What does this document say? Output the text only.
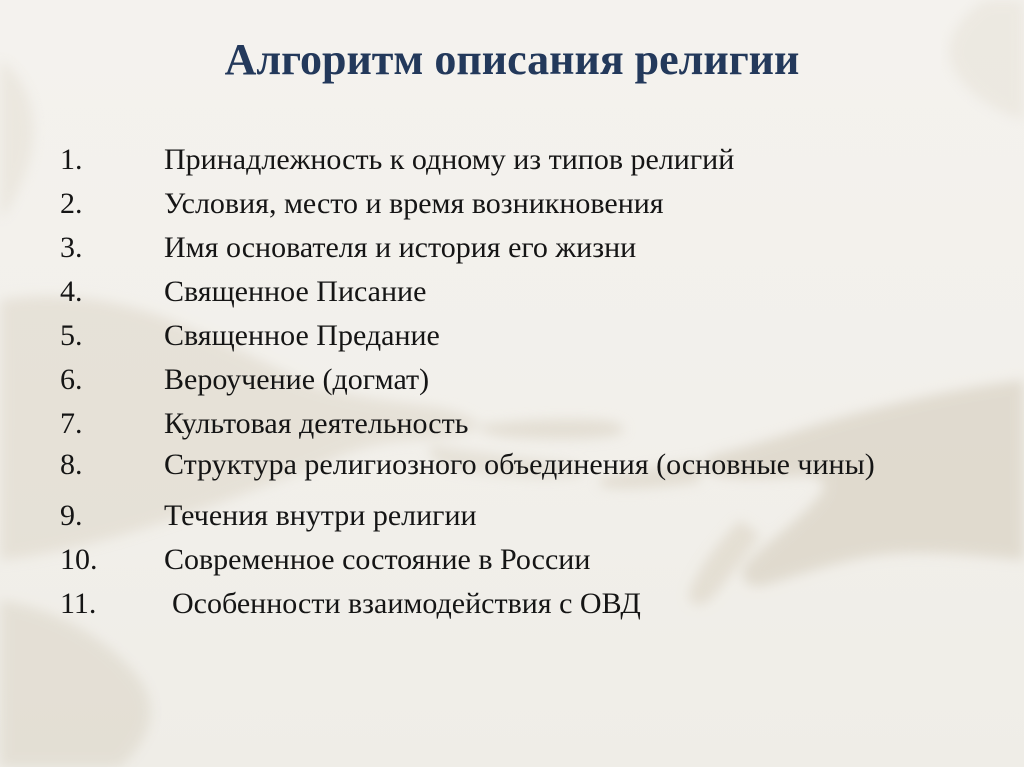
Алгоритм описания религии
1.	Принадлежность к одному из типов религий
2.	Условия, место и время возникновения
3.	Имя основателя и история его жизни
4.	Священное Писание
5.	Священное Предание
6.	Вероучение (догмат)
7.	Культовая деятельность
8.	Структура религиозного объединения (основные чины)
9.	Течения внутри религии
10.	Современное состояние в России
11.	Особенности взаимодействия с ОВД
